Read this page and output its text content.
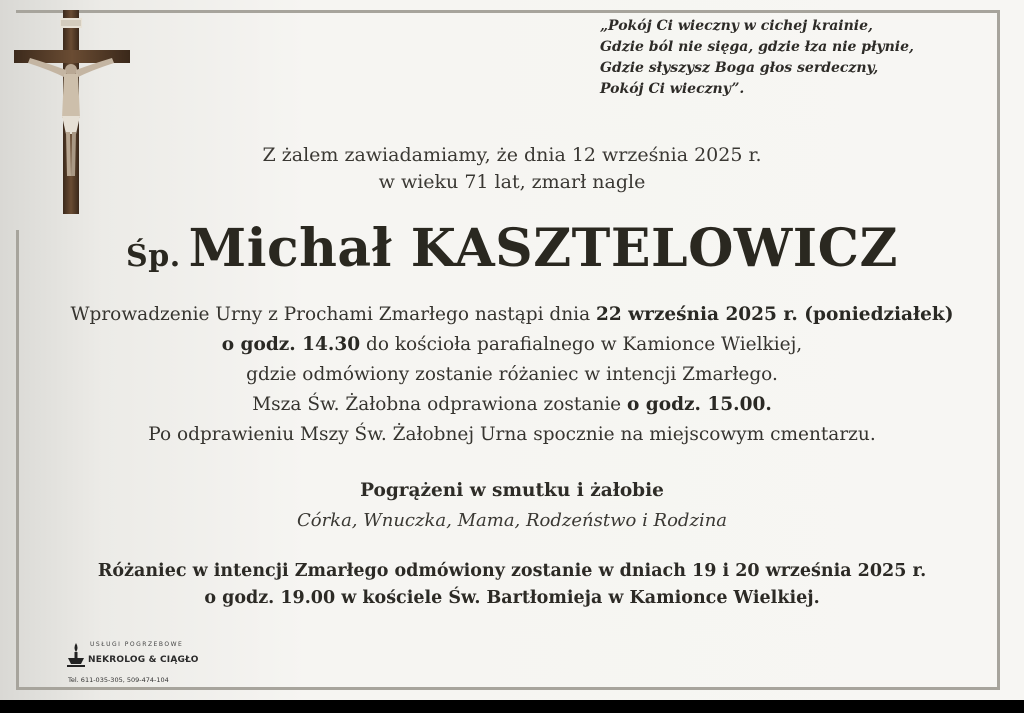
„Pokój Ci wieczny w cichej krainie,
Gdzie ból nie sięga, gdzie łza nie płynie,
Gdzie słyszysz Boga głos serdeczny,
Pokój Ci wieczny”.
Z żalem zawiadamiamy, że dnia 12 września 2025 r.
w wieku 71 lat, zmarł nagle
Śp. Michał KASZTELOWICZ
Wprowadzenie Urny z Prochami Zmarłego nastąpi dnia 22 września 2025 r. (poniedziałek)
o godz. 14.30 do kościoła parafialnego w Kamionce Wielkiej,
gdzie odmówiony zostanie różaniec w intencji Zmarłego.
Msza Św. Żałobna odprawiona zostanie o godz. 15.00.
Po odprawieniu Mszy Św. Żałobnej Urna spocznie na miejscowym cmentarzu.
Pogrążeni w smutku i żałobie
Córka, Wnuczka, Mama, Rodzeństwo i Rodzina
Różaniec w intencji Zmarłego odmówiony zostanie w dniach 19 i 20 września 2025 r.
o godz. 19.00 w kościele Św. Bartłomieja w Kamionce Wielkiej.
USŁUGI POGRZEBOWE
NEKROLOG & CIĄGŁO
Tel. 611-035-305, 509-474-104
